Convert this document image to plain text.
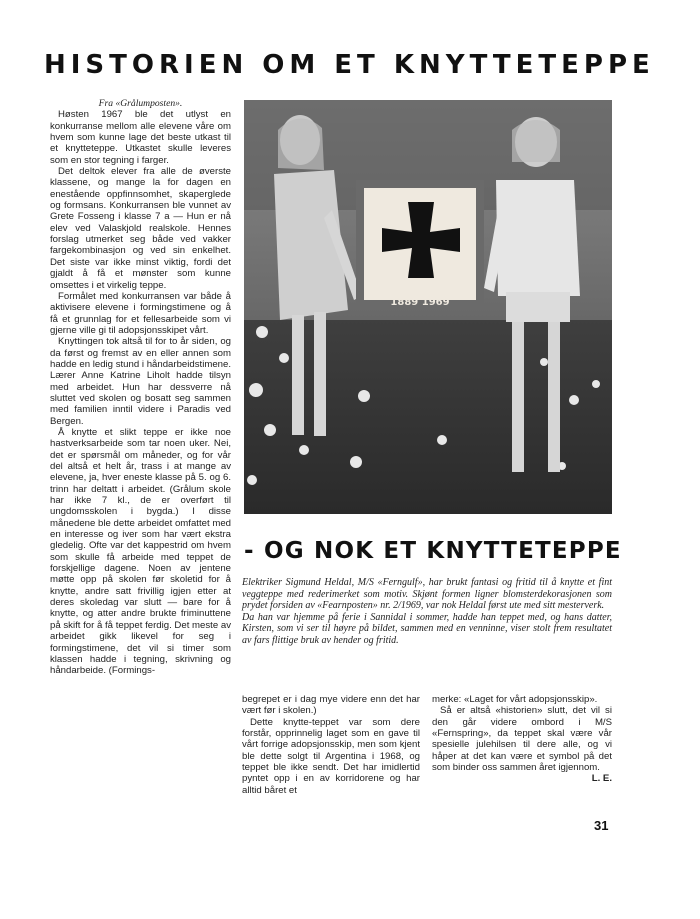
HISTORIEN OM ET KNYTTETEPPE

Fra «Grålumposten».

Høsten 1967 ble det utlyst en konkurranse mellom alle elevene våre om hvem som kunne lage det beste utkast til et knytteteppe. Utkastet skulle leveres som en stor tegning i farger.

Det deltok elever fra alle de øverste klassene, og mange la for dagen en enestående oppfinnsomhet, skaperglede og formsans. Konkurransen ble vunnet av Grete Fosseng i klasse 7 a — Hun er nå elev ved Valaskjold realskole. Hennes forslag utmerket seg både ved vakker fargekombinasjon og ved sin enkelhet. Det siste var ikke minst viktig, fordi det gjaldt å få et mønster som kunne omsettes i et virkelig teppe.

Formålet med konkurransen var både å aktivisere elevene i formingstimene og å få et grunnlag for et fellesarbeide som vi gjerne ville gi til adopsjonsskipet vårt.

Knyttingen tok altså til for to år siden, og da først og fremst av en eller annen som hadde en ledig stund i håndarbeidstimene. Lærer Anne Katrine Liholt hadde tilsyn med arbeidet. Hun har dessverre nå sluttet ved skolen og bosatt seg sammen med familien inntil videre i Paradis ved Bergen.

Å knytte et slikt teppe er ikke noe hastverksarbeide som tar noen uker. Nei, det er spørsmål om måneder, og for vår del altså et helt år, trass i at mange av elevene, ja, hver eneste klasse på 5. og 6. trinn har deltatt i arbeidet. (Grålum skole har ikke 7 kl., de er overført til ungdomsskolen i bygda.) I disse månedene ble dette arbeidet omfattet med en interesse og iver som har vært ekstra gledelig. Ofte var det kappestrid om hvem som skulle få arbeide med teppet de forskjellige dagene. Noen av jentene møtte opp på skolen før skoletid for å knytte, andre satt frivillig igjen etter at deres skoledag var slutt — bare for å knytte, og atter andre brukte friminuttene på skift for å få teppet ferdig. Det meste av arbeidet gikk likevel for seg i formingstimene, det vil si timer som klassen hadde i tegning, skrivning og håndarbeide. (Formings-

F & E
1889 1969
- OG NOK ET KNYTTETEPPE

Elektriker Sigmund Heldal, M/S «Ferngulf», har brukt fantasi og fritid til å knytte et fint veggteppe med rederimerket som motiv. Skjønt formen ligner blomsterdekorasjonen som prydet forsiden av «Fearnposten» nr. 2/1969, var nok Heldal først ute med sitt mesterverk.

Da han var hjemme på ferie i Sannidal i sommer, hadde han teppet med, og hans datter, Kirsten, som vi ser til høyre på bildet, sammen med en venninne, viser stolt frem resultatet av fars flittige bruk av hender og fritid.

begrepet er i dag mye videre enn det har vært før i skolen.)

Dette knytte-teppet var som dere forstår, opprinnelig laget som en gave til vårt forrige adopsjonsskip, men som kjent ble dette solgt til Argentina i 1968, og teppet ble ikke sendt. Det har imidlertid pyntet opp i en av korridorene og har alltid båret et

merke: «Laget for vårt adopsjonsskip».

Så er altså «historien» slutt, det vil si den går videre ombord i M/S «Fernspring», da teppet skal være vår spesielle julehilsen til dere alle, og vi håper at det kan være et symbol på det som binder oss sammen året igjennom.

L. E.

31
